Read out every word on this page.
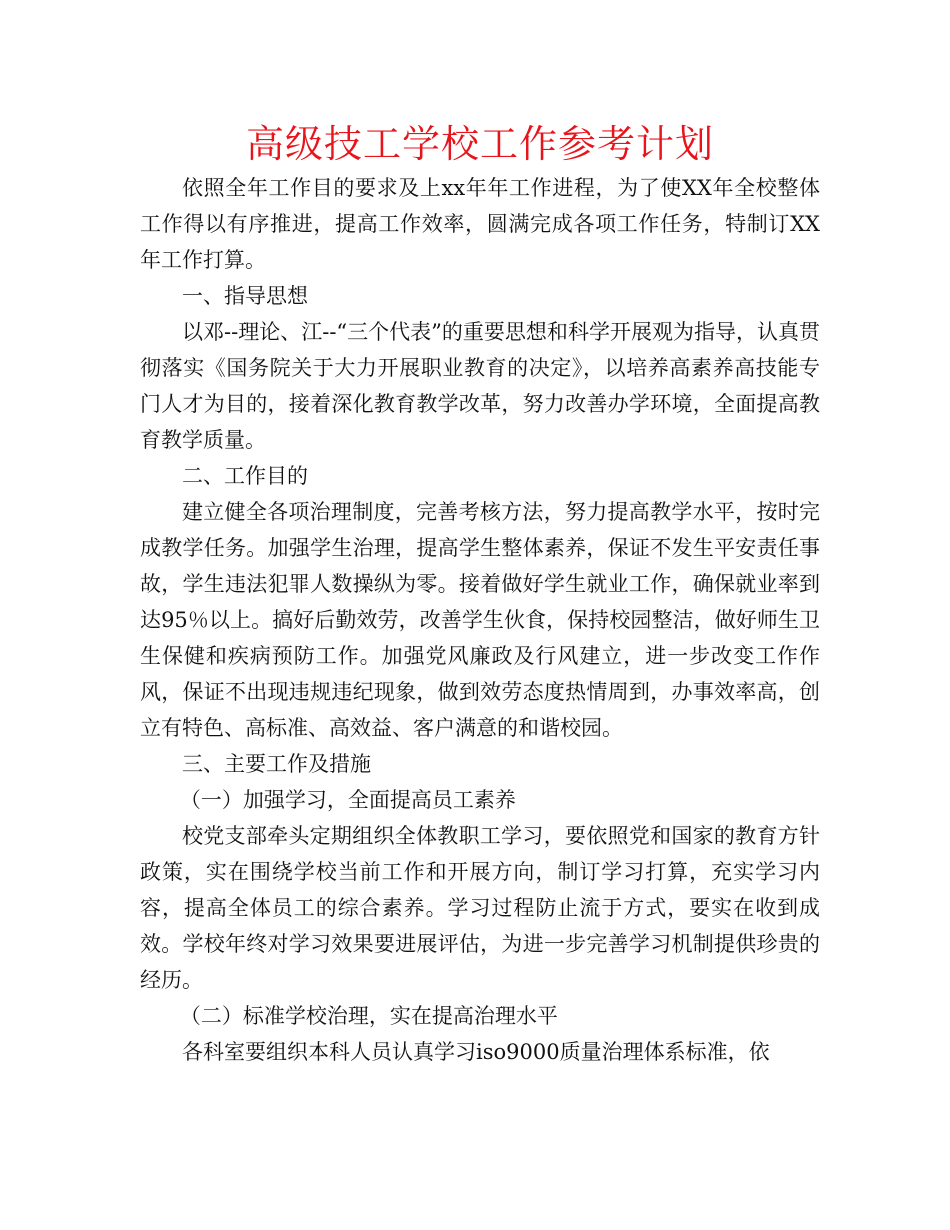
高级技工学校工作参考计划

依照全年工作目的要求及上xx年年工作进程，为了使XX年全校整体工作得以有序推进，提高工作效率，圆满完成各项工作任务，特制订XX年工作打算。

一、指导思想

以邓--理论、江--“三个代表”的重要思想和科学开展观为指导，认真贯彻落实《国务院关于大力开展职业教育的决定》，以培养高素养高技能专门人才为目的，接着深化教育教学改革，努力改善办学环境，全面提高教育教学质量。

二、工作目的

建立健全各项治理制度，完善考核方法，努力提高教学水平，按时完成教学任务。加强学生治理，提高学生整体素养，保证不发生平安责任事故，学生违法犯罪人数操纵为零。接着做好学生就业工作，确保就业率到达95％以上。搞好后勤效劳，改善学生伙食，保持校园整洁，做好师生卫生保健和疾病预防工作。加强党风廉政及行风建立，进一步改变工作作风，保证不出现违规违纪现象，做到效劳态度热情周到，办事效率高，创立有特色、高标准、高效益、客户满意的和谐校园。

三、主要工作及措施

（一）加强学习，全面提高员工素养

校党支部牵头定期组织全体教职工学习，要依照党和国家的教育方针政策，实在围绕学校当前工作和开展方向，制订学习打算，充实学习内容，提高全体员工的综合素养。学习过程防止流于方式，要实在收到成效。学校年终对学习效果要进展评估，为进一步完善学习机制提供珍贵的经历。

（二）标准学校治理，实在提高治理水平

各科室要组织本科人员认真学习iso9000质量治理体系标准，依
